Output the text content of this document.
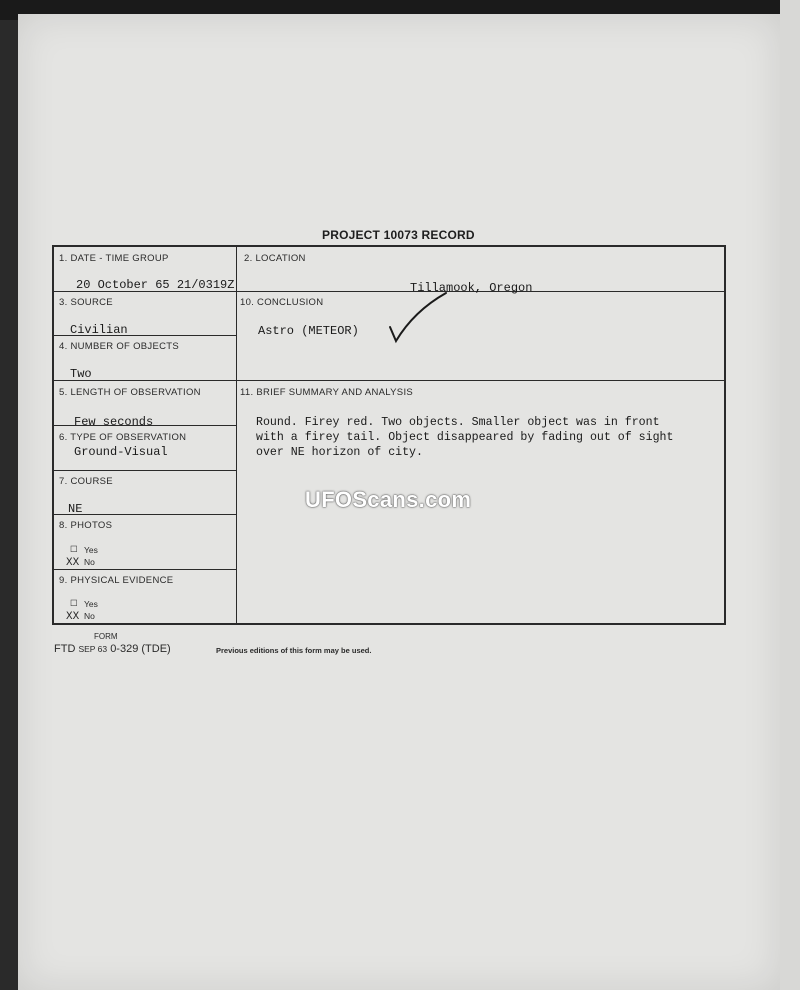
PROJECT 10073 RECORD
1. DATE - TIME GROUP
20 October 65 21/0319Z
2. LOCATION
Tillamook, Oregon
3. SOURCE
Civilian
4. NUMBER OF OBJECTS
Two
10. CONCLUSION
Astro (METEOR)
5. LENGTH OF OBSERVATION
Few seconds
11. BRIEF SUMMARY AND ANALYSIS
Round. Firey red. Two objects. Smaller object was in front
with a firey tail. Object disappeared by fading out of sight
over NE horizon of city.
6. TYPE OF OBSERVATION
Ground-Visual
7. COURSE
NE
8. PHOTOS
☐ Yes
XX No
9. PHYSICAL EVIDENCE
☐ Yes
XX No
UFOScans.com
FORM
FTD SEP 63 0-329 (TDE)	Previous editions of this form may be used.
